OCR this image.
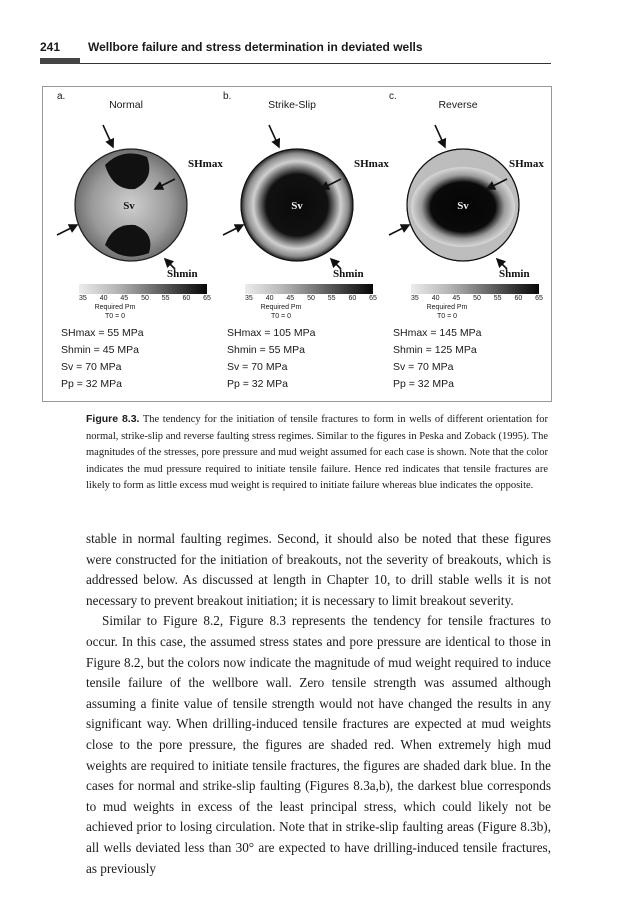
241 Wellbore failure and stress determination in deviated wells
a.
Normal
Sv
SHmax
Shmin
35 40 45 50 55 60 65
Required Pm
T0 = 0
SHmax = 55 MPa
Shmin = 45 MPa
Sv = 70 MPa
Pp = 32 MPa
b.
Strike-Slip
Sv
SHmax
Shmin
35 40 45 50 55 60 65
Required Pm
T0 = 0
SHmax = 105 MPa
Shmin = 55 MPa
Sv = 70 MPa
Pp = 32 MPa
c.
Reverse
Sv
SHmax
Shmin
35 40 45 50 55 60 65
Required Pm
T0 = 0
SHmax = 145 MPa
Shmin = 125 MPa
Sv = 70 MPa
Pp = 32 MPa
Figure 8.3. The tendency for the initiation of tensile fractures to form in wells of different orientation for normal, strike-slip and reverse faulting stress regimes. Similar to the figures in Peska and Zoback (1995). The magnitudes of the stresses, pore pressure and mud weight assumed for each case is shown. Note that the color indicates the mud pressure required to initiate tensile failure. Hence red indicates that tensile fractures are likely to form as little excess mud weight is required to initiate failure whereas blue indicates the opposite.

stable in normal faulting regimes. Second, it should also be noted that these figures were constructed for the initiation of breakouts, not the severity of breakouts, which is addressed below. As discussed at length in Chapter 10, to drill stable wells it is not necessary to prevent breakout initiation; it is necessary to limit breakout severity.

Similar to Figure 8.2, Figure 8.3 represents the tendency for tensile fractures to occur. In this case, the assumed stress states and pore pressure are identical to those in Figure 8.2, but the colors now indicate the magnitude of mud weight required to induce tensile failure of the wellbore wall. Zero tensile strength was assumed although assuming a finite value of tensile strength would not have changed the results in any significant way. When drilling-induced tensile fractures are expected at mud weights close to the pore pressure, the figures are shaded red. When extremely high mud weights are required to initiate tensile fractures, the figures are shaded dark blue. In the cases for normal and strike-slip faulting (Figures 8.3a,b), the darkest blue corresponds to mud weights in excess of the least principal stress, which could likely not be achieved prior to losing circulation. Note that in strike-slip faulting areas (Figure 8.3b), all wells deviated less than 30° are expected to have drilling-induced tensile fractures, as previously
